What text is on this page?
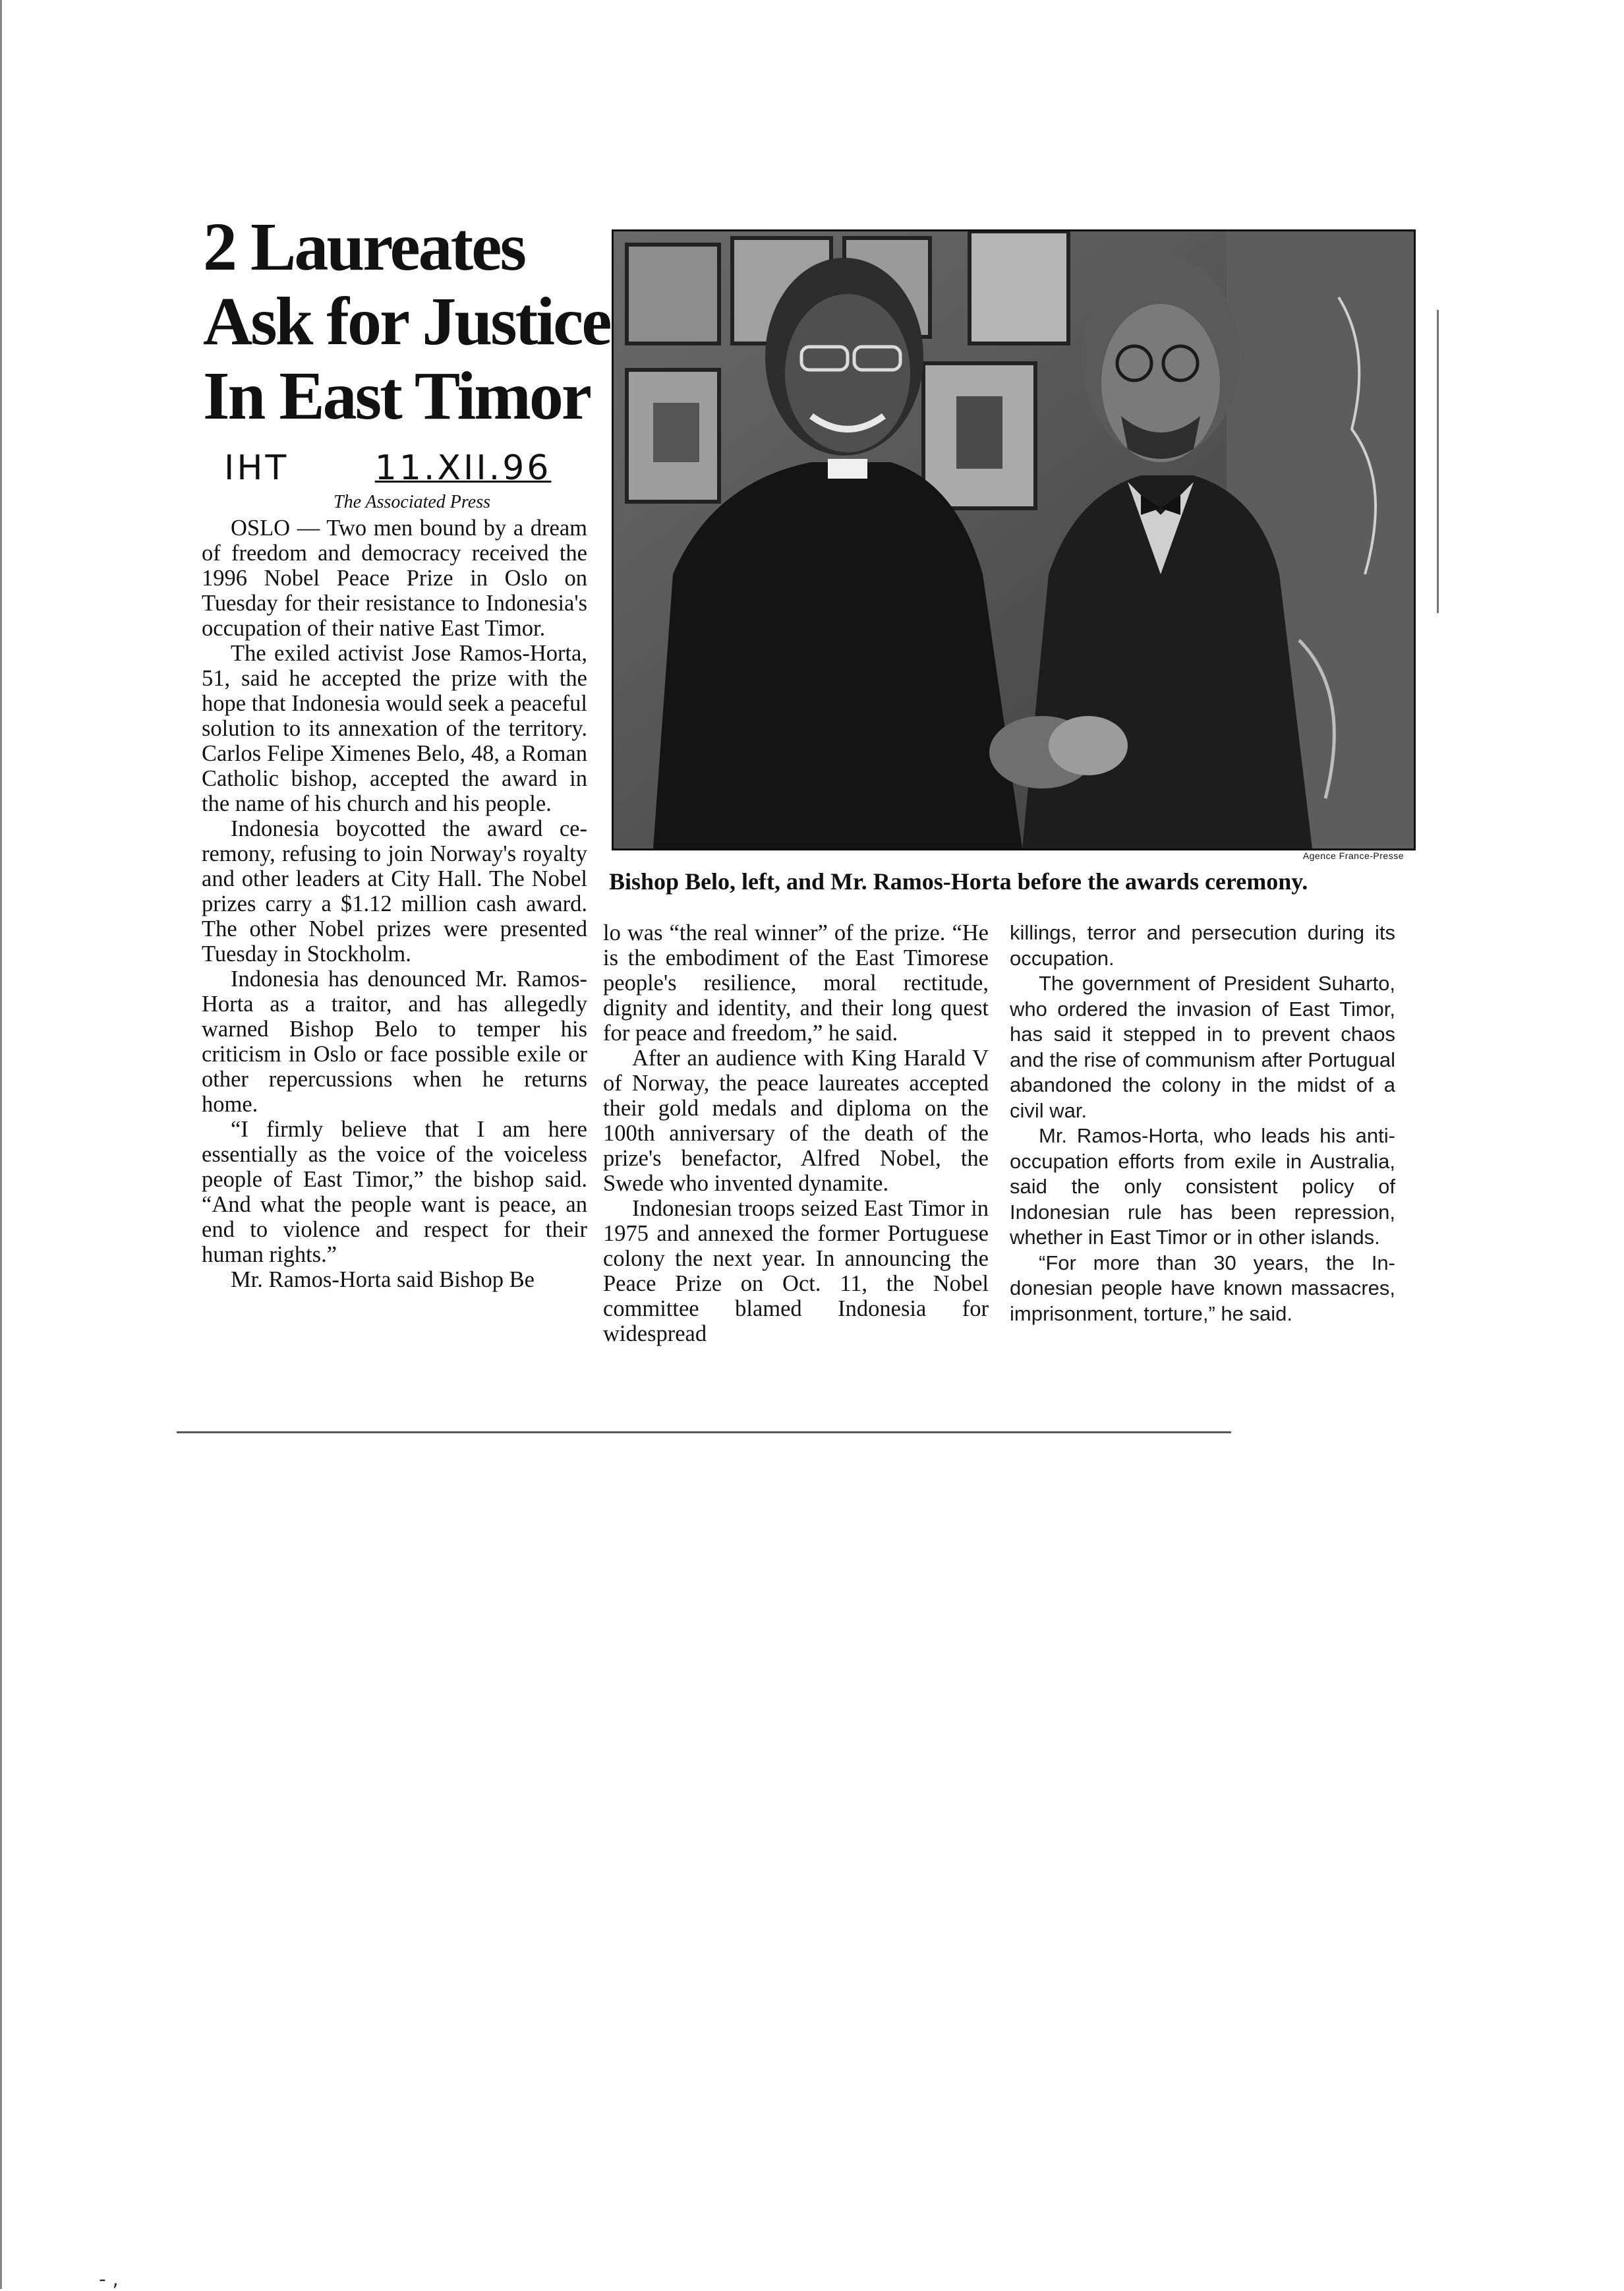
- ,
2 Laureates
Ask for Justice
In East Timor
IHT	11.XII.96
The Associated Press

OSLO — Two men bound by a dream of freedom and democracy received the 1996 Nobel Peace Prize in Oslo on Tuesday for their resistance to Indonesia's occupation of their native East Timor.

The exiled activist Jose Ramos-Horta, 51, said he accepted the prize with the hope that Indonesia would seek a peaceful solution to its annexation of the territory. Carlos Felipe Ximenes Belo, 48, a Roman Catholic bishop, accepted the award in the name of his church and his people.

Indonesia boycotted the award ceremony, refusing to join Norway's royalty and other leaders at City Hall. The Nobel prizes carry a $1.12 million cash award. The other Nobel prizes were presented Tuesday in Stockholm.

Indonesia has denounced Mr. Ramos-Horta as a traitor, and has allegedly warned Bishop Belo to temper his criticism in Oslo or face possible exile or other repercussions when he returns home.

“I firmly believe that I am here essentially as the voice of the voiceless people of East Timor,” the bishop said. “And what the people want is peace, an end to violence and respect for their human rights.”

Mr. Ramos-Horta said Bishop Be

Agence France-Presse
Bishop Belo, left, and Mr. Ramos-Horta before the awards ceremony.

lo was “the real winner” of the prize. “He is the embodiment of the East Timorese people's resilience, moral rectitude, dignity and identity, and their long quest for peace and freedom,” he said.

After an audience with King Harald V of Norway, the peace laureates accepted their gold medals and diploma on the 100th anniversary of the death of the prize's benefactor, Alfred Nobel, the Swede who invented dynamite.

Indonesian troops seized East Timor in 1975 and annexed the former Portuguese colony the next year. In announcing the Peace Prize on Oct. 11, the Nobel committee blamed Indonesia for widespread

killings, terror and persecution during its occupation.

The government of President Suharto, who ordered the invasion of East Timor, has said it stepped in to prevent chaos and the rise of communism after Portugual abandoned the colony in the midst of a civil war.

Mr. Ramos-Horta, who leads his anti-occupation efforts from exile in Australia, said the only consistent policy of Indonesian rule has been repression, whether in East Timor or in other islands.

“For more than 30 years, the Indonesian people have known massacres, imprisonment, torture,” he said.
